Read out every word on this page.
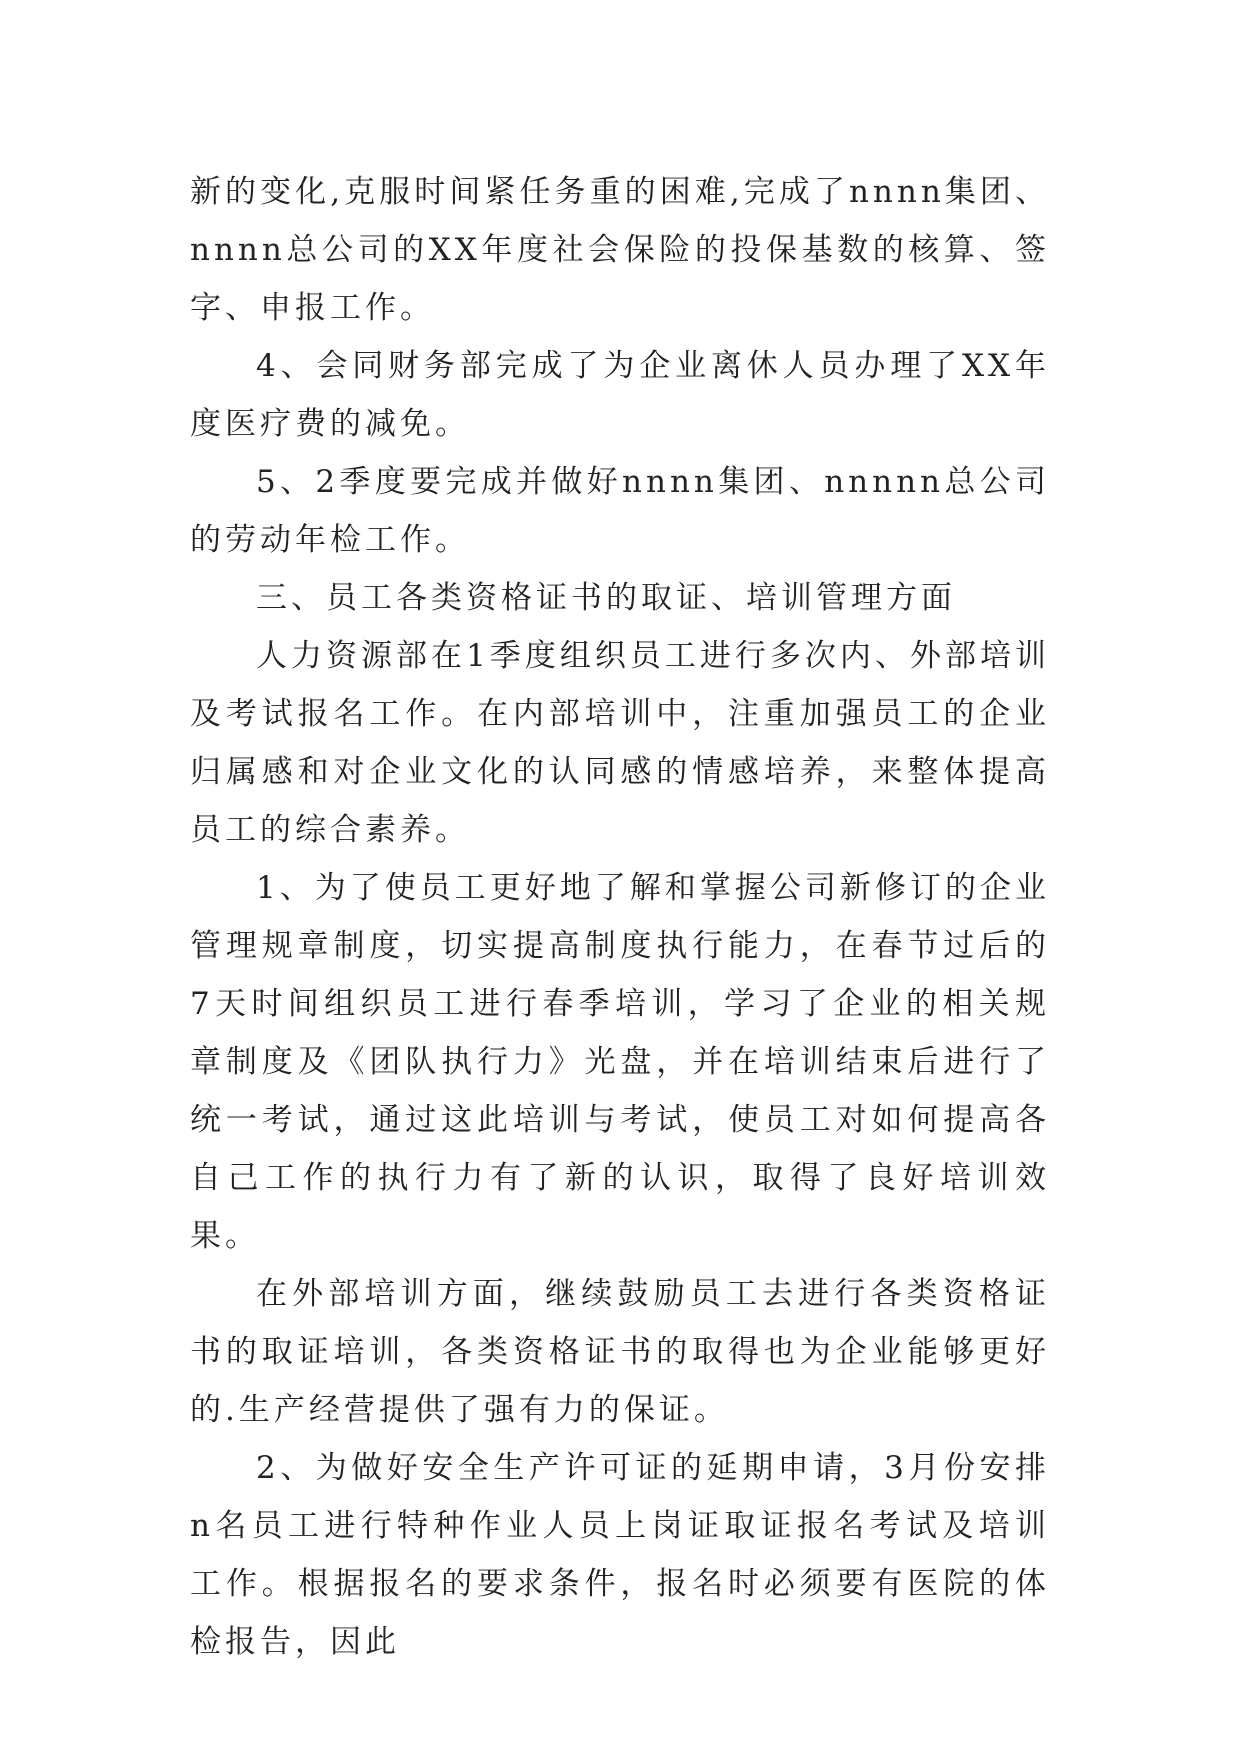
新的变化,克服时间紧任务重的困难,完成了nnnn集团、nnnn总公司的XX年度社会保险的投保基数的核算、签字、申报工作。

4、会同财务部完成了为企业离休人员办理了XX年度医疗费的减免。

5、2季度要完成并做好nnnn集团、nnnnn总公司的劳动年检工作。

三、员工各类资格证书的取证、培训管理方面

人力资源部在1季度组织员工进行多次内、外部培训及考试报名工作。在内部培训中，注重加强员工的企业归属感和对企业文化的认同感的情感培养，来整体提高员工的综合素养。

1、为了使员工更好地了解和掌握公司新修订的企业管理规章制度，切实提高制度执行能力，在春节过后的7天时间组织员工进行春季培训，学习了企业的相关规章制度及《团队执行力》光盘，并在培训结束后进行了统一考试，通过这此培训与考试，使员工对如何提高各自己工作的执行力有了新的认识，取得了良好培训效果。

在外部培训方面，继续鼓励员工去进行各类资格证书的取证培训，各类资格证书的取得也为企业能够更好的.生产经营提供了强有力的保证。

2、为做好安全生产许可证的延期申请，3月份安排n名员工进行特种作业人员上岗证取证报名考试及培训工作。根据报名的要求条件，报名时必须要有医院的体检报告，因此
